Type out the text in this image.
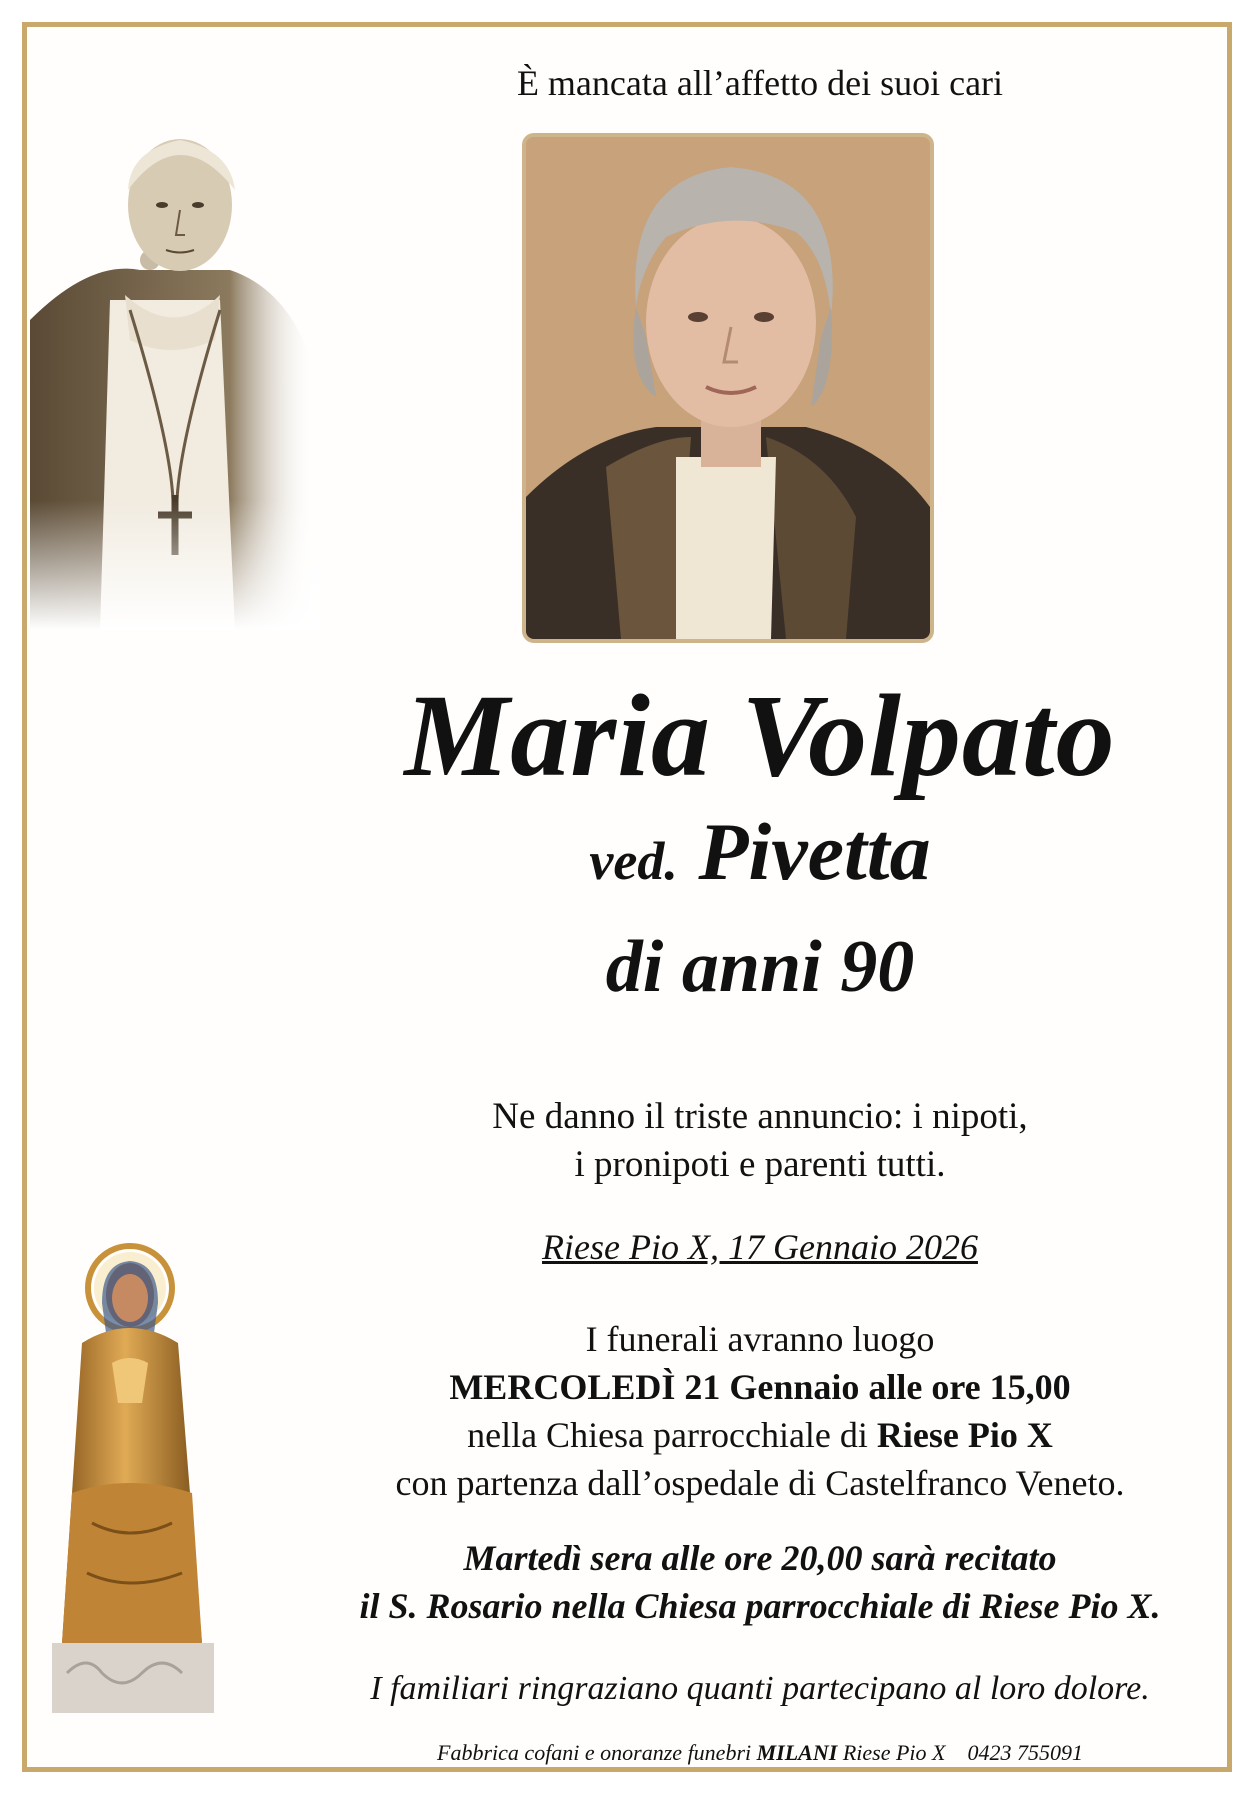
È mancata all’affetto dei suoi cari
Maria Volpato
ved. Pivetta
di anni 90
Ne danno il triste annuncio: i nipoti,
i pronipoti e parenti tutti.
Riese Pio X, 17 Gennaio 2026
I funerali avranno luogo
MERCOLEDÌ 21 Gennaio alle ore 15,00
nella Chiesa parrocchiale di Riese Pio X
con partenza dall’ospedale di Castelfranco Veneto.
Martedì sera alle ore 20,00 sarà recitato
il S. Rosario nella Chiesa parrocchiale di Riese Pio X.
I familiari ringraziano quanti partecipano al loro dolore.
Fabbrica cofani e onoranze funebri MILANI Riese Pio X 0423 755091
